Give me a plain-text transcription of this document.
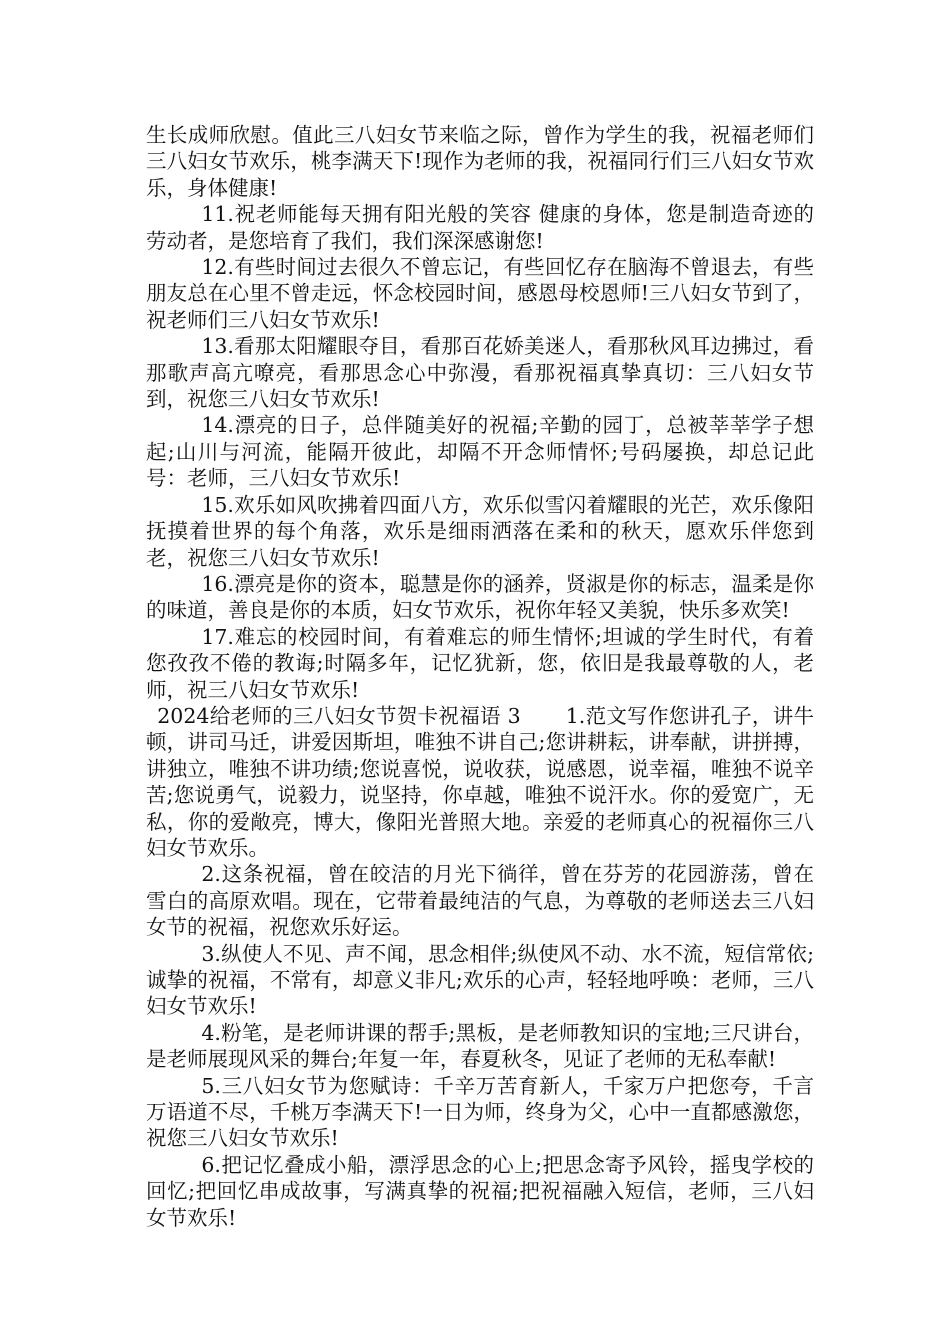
生长成师欣慰。值此三八妇女节来临之际，曾作为学生的我，祝福老师们三八妇女节欢乐，桃李满天下!现作为老师的我，祝福同行们三八妇女节欢乐，身体健康!

11.祝老师能每天拥有阳光般的笑容 健康的身体，您是制造奇迹的劳动者，是您培育了我们，我们深深感谢您!

12.有些时间过去很久不曾忘记，有些回忆存在脑海不曾退去，有些朋友总在心里不曾走远，怀念校园时间，感恩母校恩师!三八妇女节到了，祝老师们三八妇女节欢乐!

13.看那太阳耀眼夺目，看那百花娇美迷人，看那秋风耳边拂过，看那歌声高亢嘹亮，看那思念心中弥漫，看那祝福真挚真切：三八妇女节到，祝您三八妇女节欢乐!

14.漂亮的日子，总伴随美好的祝福;辛勤的园丁，总被莘莘学子想起;山川与河流，能隔开彼此，却隔不开念师情怀;号码屡换，却总记此号：老师，三八妇女节欢乐!

15.欢乐如风吹拂着四面八方，欢乐似雪闪着耀眼的光芒，欢乐像阳抚摸着世界的每个角落，欢乐是细雨洒落在柔和的秋天，愿欢乐伴您到老，祝您三八妇女节欢乐!

16.漂亮是你的资本，聪慧是你的涵养，贤淑是你的标志，温柔是你的味道，善良是你的本质，妇女节欢乐，祝你年轻又美貌，快乐多欢笑!

17.难忘的校园时间，有着难忘的师生情怀;坦诚的学生时代，有着您孜孜不倦的教诲;时隔多年，记忆犹新，您，依旧是我最尊敬的人，老师，祝三八妇女节欢乐!

2024给老师的三八妇女节贺卡祝福语 3 1.范文写作您讲孔子，讲牛顿，讲司马迁，讲爱因斯坦，唯独不讲自己;您讲耕耘，讲奉献，讲拼搏，讲独立，唯独不讲功绩;您说喜悦，说收获，说感恩，说幸福，唯独不说辛苦;您说勇气，说毅力，说坚持，你卓越，唯独不说汗水。你的爱宽广，无私，你的爱敞亮，博大，像阳光普照大地。亲爱的老师真心的祝福你三八妇女节欢乐。

2.这条祝福，曾在皎洁的月光下徜徉，曾在芬芳的花园游荡，曾在雪白的高原欢唱。现在，它带着最纯洁的气息，为尊敬的老师送去三八妇女节的祝福，祝您欢乐好运。

3.纵使人不见、声不闻，思念相伴;纵使风不动、水不流，短信常依;诚挚的祝福，不常有，却意义非凡;欢乐的心声，轻轻地呼唤：老师，三八妇女节欢乐!

4.粉笔，是老师讲课的帮手;黑板，是老师教知识的宝地;三尺讲台，是老师展现风采的舞台;年复一年，春夏秋冬，见证了老师的无私奉献!

5.三八妇女节为您赋诗：千辛万苦育新人，千家万户把您夸，千言万语道不尽，千桃万李满天下!一日为师，终身为父，心中一直都感激您，祝您三八妇女节欢乐!

6.把记忆叠成小船，漂浮思念的心上;把思念寄予风铃，摇曳学校的回忆;把回忆串成故事，写满真挚的祝福;把祝福融入短信，老师，三八妇女节欢乐!
